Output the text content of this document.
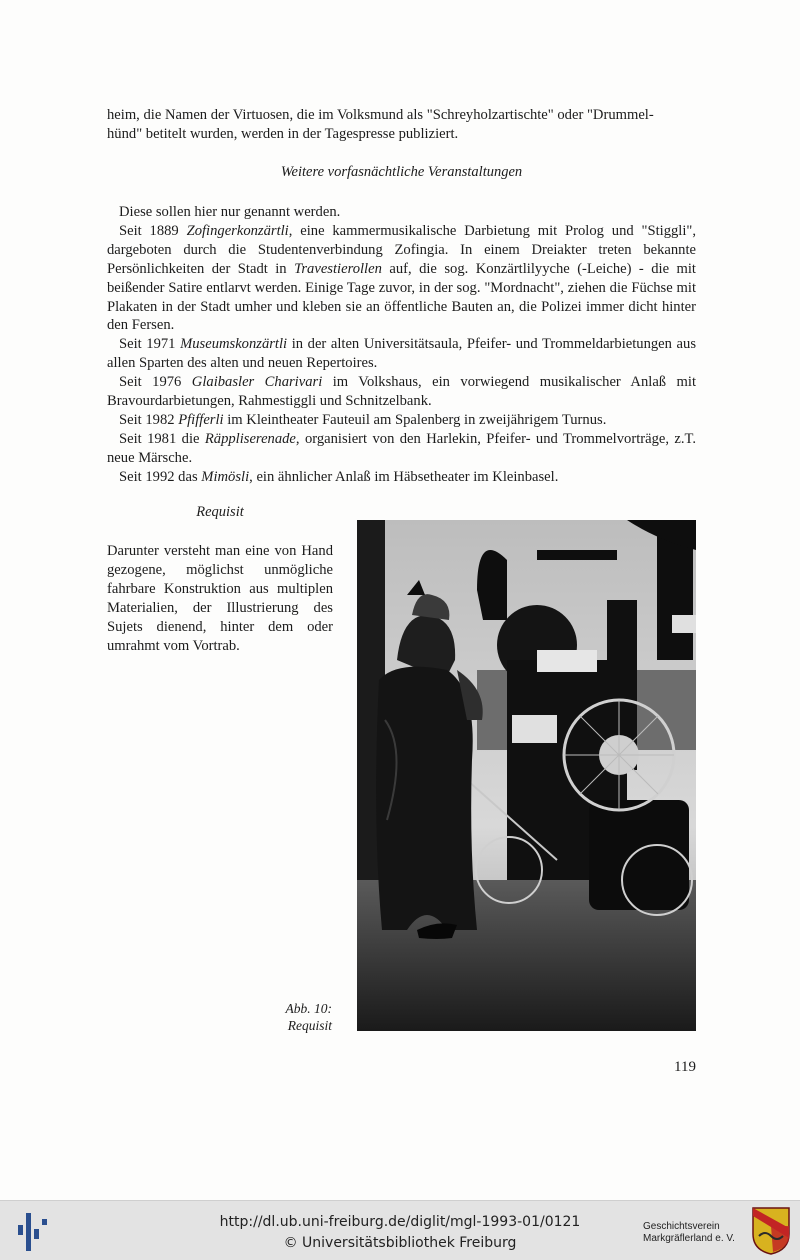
heim, die Namen der Virtuosen, die im Volksmund als "Schreyholzartischte" oder "Drummel-

hünd" betitelt wurden, werden in der Tagespresse publiziert.

Weitere vorfasnächtliche Veranstaltungen

Diese sollen hier nur genannt werden.

Seit 1889 Zofingerkonzärtli, eine kammermusikalische Darbietung mit Prolog und "Stiggli", dargeboten durch die Studentenverbindung Zofingia. In einem Dreiakter treten bekannte Persönlichkeiten der Stadt in Travestierollen auf, die sog. Konzärtlilyyche (-Leiche) - die mit beißender Satire entlarvt werden. Einige Tage zuvor, in der sog. "Mordnacht", ziehen die Füchse mit Plakaten in der Stadt umher und kleben sie an öffentliche Bauten an, die Polizei immer dicht hinter den Fersen.

Seit 1971 Museumskonzärtli in der alten Universitätsaula, Pfeifer- und Trommeldarbietungen aus allen Sparten des alten und neuen Repertoires.

Seit 1976 Glaibasler Charivari im Volkshaus, ein vorwiegend musikalischer Anlaß mit Bravourdarbietungen, Rahmestiggli und Schnitzelbank.

Seit 1982 Pfifferli im Kleintheater Fauteuil am Spalenberg in zweijährigem Turnus.

Seit 1981 die Räppliserenade, organisiert von den Harlekin, Pfeifer- und Trommelvorträge, z.T. neue Märsche.

Seit 1992 das Mimösli, ein ähnlicher Anlaß im Häbsetheater im Kleinbasel.

Requisit
Darunter versteht man eine von Hand gezogene, möglichst unmögliche fahrbare Konstruktion aus multiplen Materialien, der Illustrierung des Sujets dienend, hinter dem oder umrahmt vom Vortrab.
Abb. 10:
Requisit
119
http://dl.ub.uni-freiburg.de/diglit/mgl-1993-01/0121
© Universitätsbibliothek Freiburg
Geschichtsverein
Markgräflerland e. V.
